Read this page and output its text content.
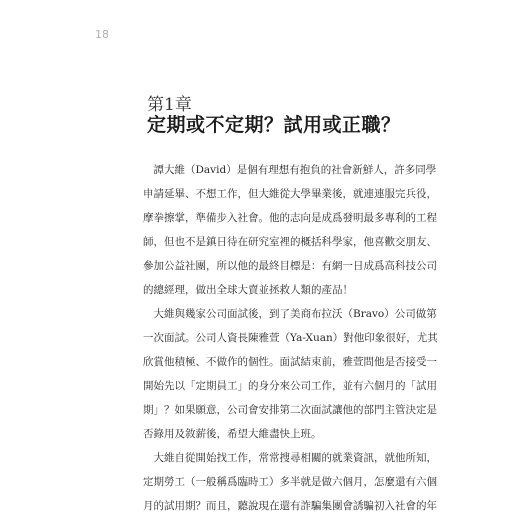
18
第1章
定期或不定期？試用或正職？
　譚大維（David）是個有理想有抱負的社會新鮮人，許多同學
申請延畢、不想工作，但大維從大學畢業後，就連連服完兵役，
摩拳擦掌，準備步入社會。他的志向是成爲發明最多專利的工程
師，但也不是鎮日待在研究室裡的概括科學家，他喜歡交朋友、
參加公益社團，所以他的最終目標是：有網一日成爲高科技公司
的總經理，做出全球大賣並拯救人類的產品！
　大維與幾家公司面試後，到了美商布拉沃（Bravo）公司做第
一次面試。公司人資長陳雅萱（Ya-Xuan）對他印象很好，尤其
欣賞他積極、不做作的個性。面試結束前，雅萱問他是否接受一
開始先以「定期員工」的身分來公司工作，並有六個月的「試用
期」？如果願意，公司會安排第二次面試讓他的部門主管決定是
否錄用及敘薪後，希望大維盡快上班。
　大維自從開始找工作，常常搜尋相關的就業資訊，就他所知，
定期勞工（一般稱爲臨時工）多半就是做六個月，怎麼還有六個
月的試用期？而且，聽說現在還有詐騙集團會誘騙初入社會的年
